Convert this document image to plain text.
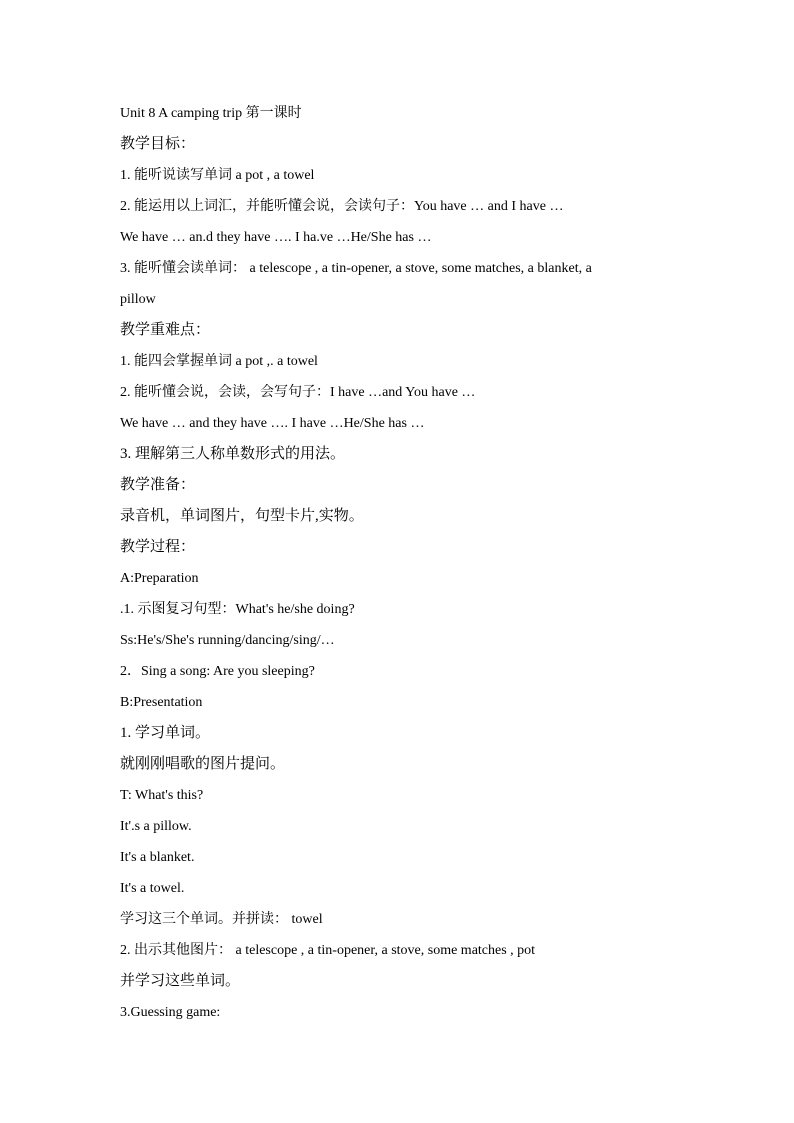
Unit 8 A camping trip 第一课时
教学目标：
1. 能听说读写单词 a pot , a towel
2. 能运用以上词汇，并能听懂会说，会读句子：You have … and I have …
We have … an.d they have …. I ha.ve …He/She has …
3. 能听懂会读单词： a telescope , a tin-opener, a stove, some matches, a blanket, a
pillow
教学重难点：
1. 能四会掌握单词 a pot ,. a towel
2. 能听懂会说，会读，会写句子：I have …and You have …
We have … and they have …. I have …He/She has …
3. 理解第三人称单数形式的用法。
教学准备：
录音机，单词图片，句型卡片,实物。
教学过程：
A:Preparation
.1. 示图复习句型：What's he/she doing?
Ss:He's/She's running/dancing/sing/…
2．Sing a song: Are you sleeping?
B:Presentation
1. 学习单词。
就刚刚唱歌的图片提问。
T: What's this?
It'.s a pillow.
It's a blanket.
It's a towel.
学习这三个单词。并拼读： towel
2. 出示其他图片： a telescope , a tin-opener, a stove, some matches , pot
并学习这些单词。
3.Guessing game:
